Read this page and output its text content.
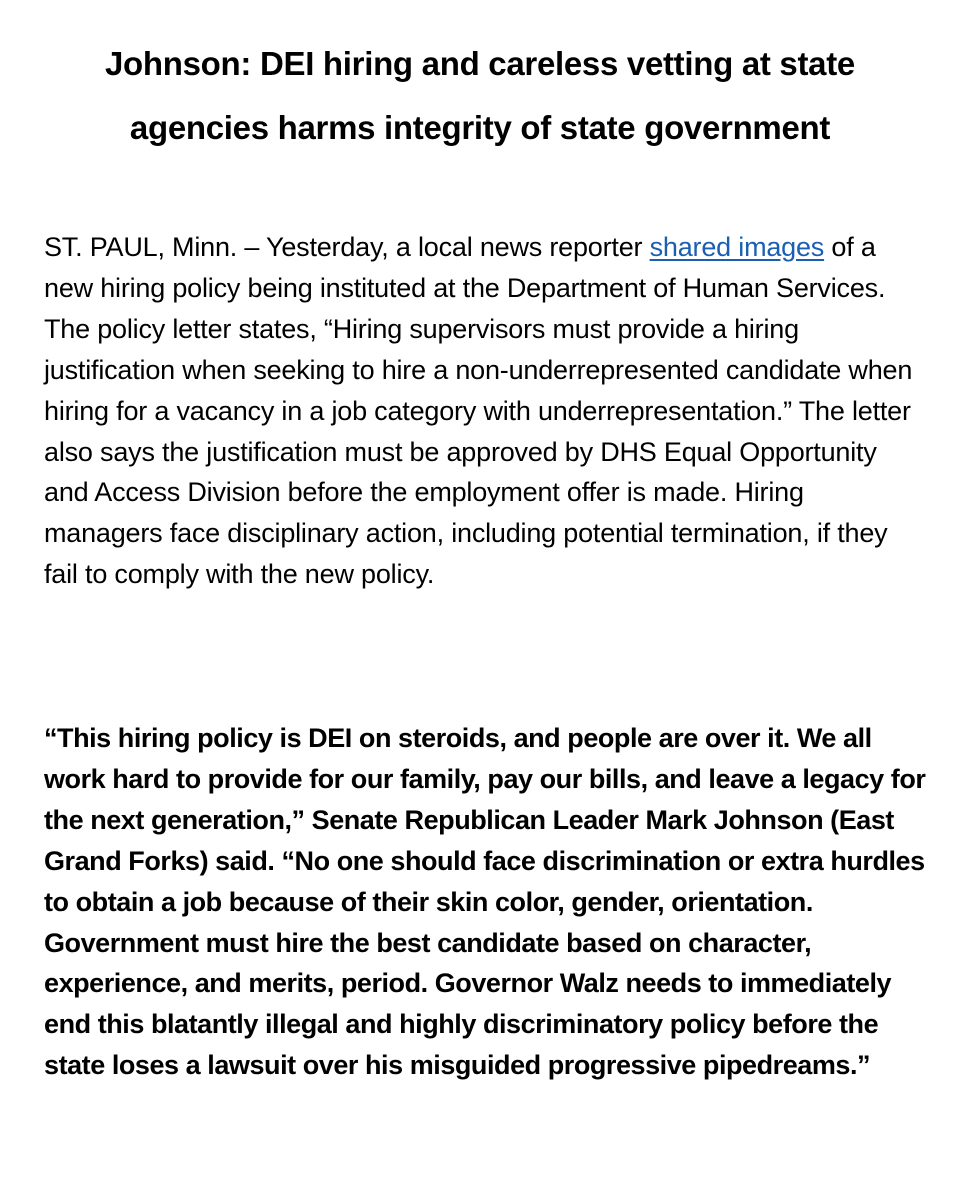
Johnson: DEI hiring and careless vetting at state agencies harms integrity of state government

ST. PAUL, Minn. – Yesterday, a local news reporter shared images of a new hiring policy being instituted at the Department of Human Services. The policy letter states, “Hiring supervisors must provide a hiring justification when seeking to hire a non-underrepresented candidate when hiring for a vacancy in a job category with underrepresentation.” The letter also says the justification must be approved by DHS Equal Opportunity and Access Division before the employment offer is made. Hiring managers face disciplinary action, including potential termination, if they fail to comply with the new policy.

“This hiring policy is DEI on steroids, and people are over it. We all work hard to provide for our family, pay our bills, and leave a legacy for the next generation,” Senate Republican Leader Mark Johnson (East Grand Forks) said. “No one should face discrimination or extra hurdles to obtain a job because of their skin color, gender, orientation. Government must hire the best candidate based on character, experience, and merits, period. Governor Walz needs to immediately end this blatantly illegal and highly discriminatory policy before the state loses a lawsuit over his misguided progressive pipedreams.”
